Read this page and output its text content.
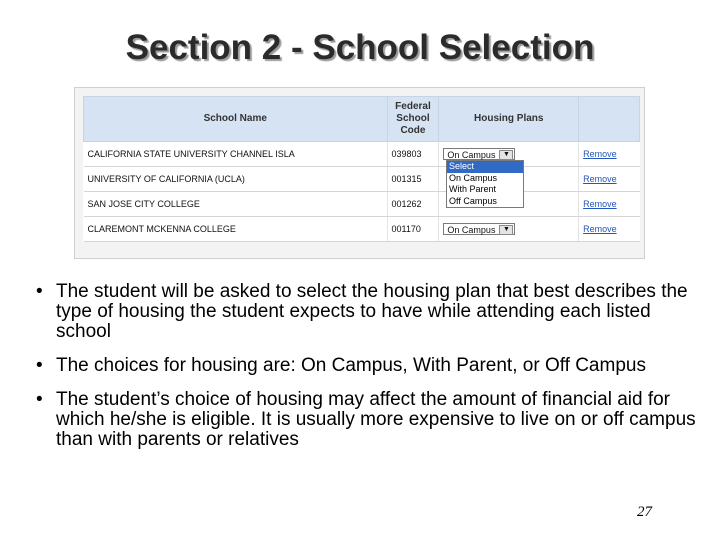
Section 2 - School Selection
School Name	Federal
School
Code	Housing Plans	
CALIFORNIA STATE UNIVERSITY CHANNEL ISLA	039803	On Campus ▼	Remove
UNIVERSITY OF CALIFORNIA (UCLA)	001315		Remove
SAN JOSE CITY COLLEGE	001262		Remove
CLAREMONT MCKENNA COLLEGE	001170	On Campus ▼	Remove
Select
On Campus
With Parent
Off Campus
• The student will be asked to select the housing plan that best describes the type of housing the student expects to have while attending each listed school
• The choices for housing are: On Campus, With Parent, or Off Campus
• The student’s choice of housing may affect the amount of financial aid for which he/she is eligible. It is usually more expensive to live on or off campus than with parents or relatives
27
